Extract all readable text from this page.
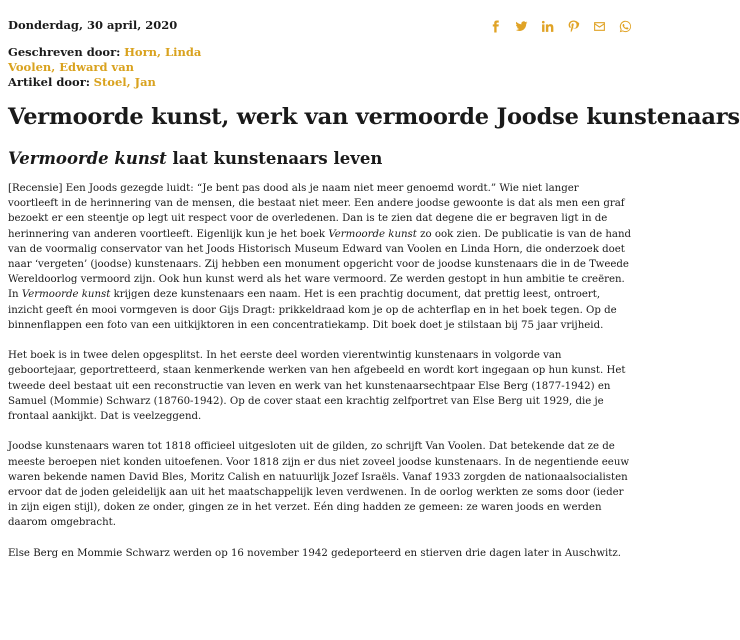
Donderdag, 30 april, 2020
Geschreven door: Horn, Linda
Voolen, Edward van
Artikel door: Stoel, Jan
Vermoorde kunst, werk van vermoorde Joodse kunstenaars
Vermoorde kunst laat kunstenaars leven

[Recensie] Een Joods gezegde luidt: “Je bent pas dood als je naam niet meer genoemd wordt.” Wie niet langer voortleeft in de herinnering van de mensen, die bestaat niet meer. Een andere joodse gewoonte is dat als men een graf bezoekt er een steentje op legt uit respect voor de overledenen. Dan is te zien dat degene die er begraven ligt in de herinnering van anderen voortleeft. Eigenlijk kun je het boek Vermoorde kunst zo ook zien. De publicatie is van de hand van de voormalig conservator van het Joods Historisch Museum Edward van Voolen en Linda Horn, die onderzoek doet naar ‘vergeten’ (joodse) kunstenaars. Zij hebben een monument opgericht voor de joodse kunstenaars die in de Tweede Wereldoorlog vermoord zijn. Ook hun kunst werd als het ware vermoord. Ze werden gestopt in hun ambitie te creëren. In Vermoorde kunst krijgen deze kunstenaars een naam. Het is een prachtig document, dat prettig leest, ontroert, inzicht geeft én mooi vormgeven is door Gijs Dragt: prikkeldraad kom je op de achterflap en in het boek tegen. Op de binnenflappen een foto van een uitkijktoren in een concentratiekamp. Dit boek doet je stilstaan bij 75 jaar vrijheid.

Het boek is in twee delen opgesplitst. In het eerste deel worden vierentwintig kunstenaars in volgorde van geboortejaar, geportretteerd, staan kenmerkende werken van hen afgebeeld en wordt kort ingegaan op hun kunst. Het tweede deel bestaat uit een reconstructie van leven en werk van het kunstenaarsechtpaar Else Berg (1877-1942) en Samuel (Mommie) Schwarz (18760-1942). Op de cover staat een krachtig zelfportret van Else Berg uit 1929, die je frontaal aankijkt. Dat is veelzeggend.

Joodse kunstenaars waren tot 1818 officieel uitgesloten uit de gilden, zo schrijft Van Voolen. Dat betekende dat ze de meeste beroepen niet konden uitoefenen. Voor 1818 zijn er dus niet zoveel joodse kunstenaars. In de negentiende eeuw waren bekende namen David Bles, Moritz Calish en natuurlijk Jozef Israëls. Vanaf 1933 zorgden de nationaalsocialisten ervoor dat de joden geleidelijk aan uit het maatschappelijk leven verdwenen. In de oorlog werkten ze soms door (ieder in zijn eigen stijl), doken ze onder, gingen ze in het verzet. Eén ding hadden ze gemeen: ze waren joods en werden daarom omgebracht.

Else Berg en Mommie Schwarz werden op 16 november 1942 gedeporteerd en stierven drie dagen later in Auschwitz.
